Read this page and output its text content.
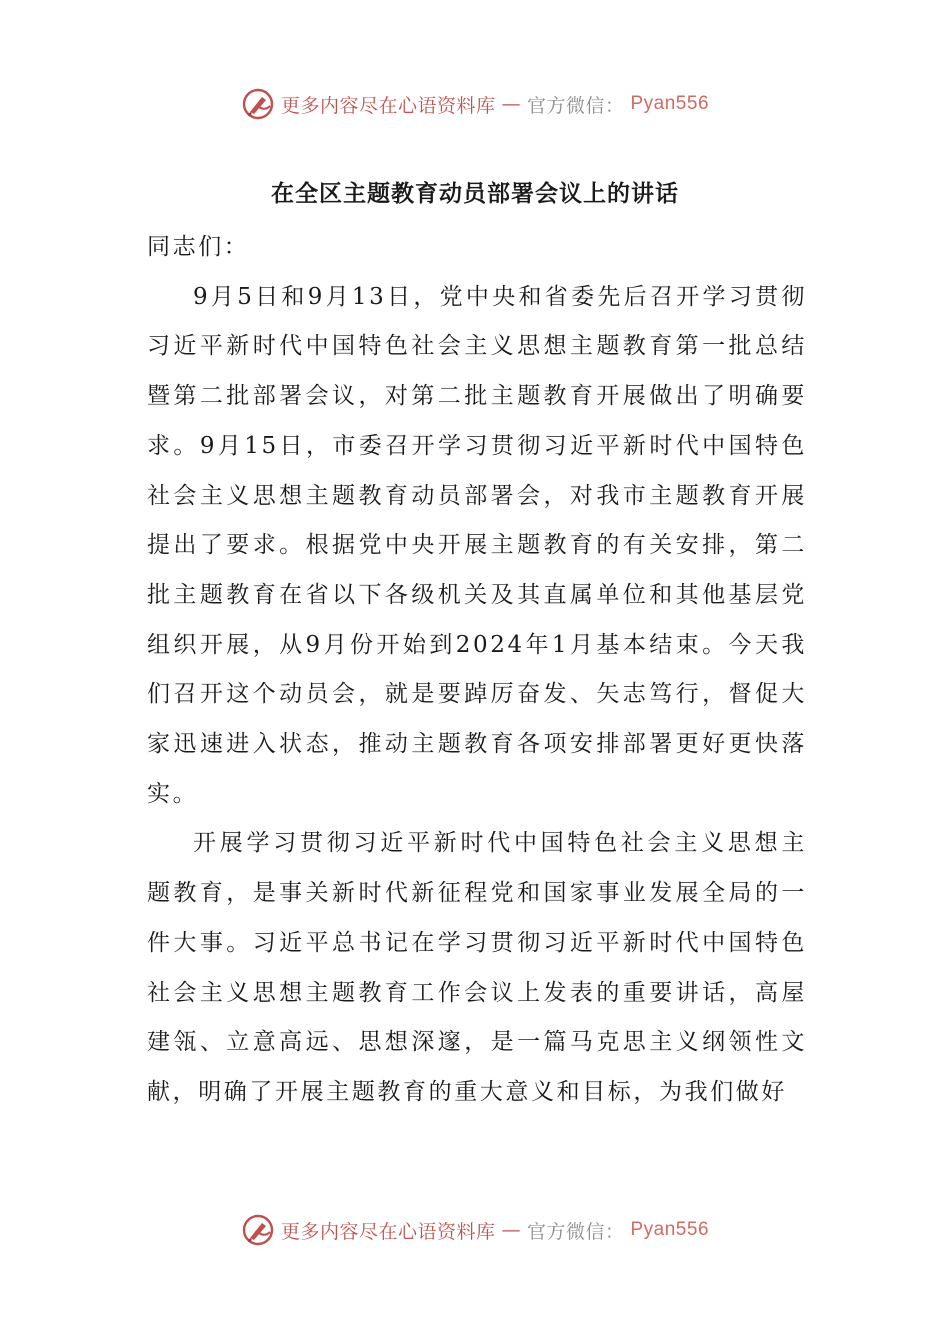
更多内容尽在心语资料库 — 官方微信： Pyan556
在全区主题教育动员部署会议上的讲话

同志们：

9月5日和9月13日，党中央和省委先后召开学习贯彻习近平新时代中国特色社会主义思想主题教育第一批总结暨第二批部署会议，对第二批主题教育开展做出了明确要求。9月15日，市委召开学习贯彻习近平新时代中国特色社会主义思想主题教育动员部署会，对我市主题教育开展提出了要求。根据党中央开展主题教育的有关安排，第二批主题教育在省以下各级机关及其直属单位和其他基层党组织开展，从9月份开始到2024年1月基本结束。今天我们召开这个动员会，就是要踔厉奋发、矢志笃行，督促大家迅速进入状态，推动主题教育各项安排部署更好更快落实。

开展学习贯彻习近平新时代中国特色社会主义思想主题教育，是事关新时代新征程党和国家事业发展全局的一件大事。习近平总书记在学习贯彻习近平新时代中国特色社会主义思想主题教育工作会议上发表的重要讲话，高屋建瓴、立意高远、思想深邃，是一篇马克思主义纲领性文献，明确了开展主题教育的重大意义和目标，为我们做好

更多内容尽在心语资料库 — 官方微信： Pyan556
